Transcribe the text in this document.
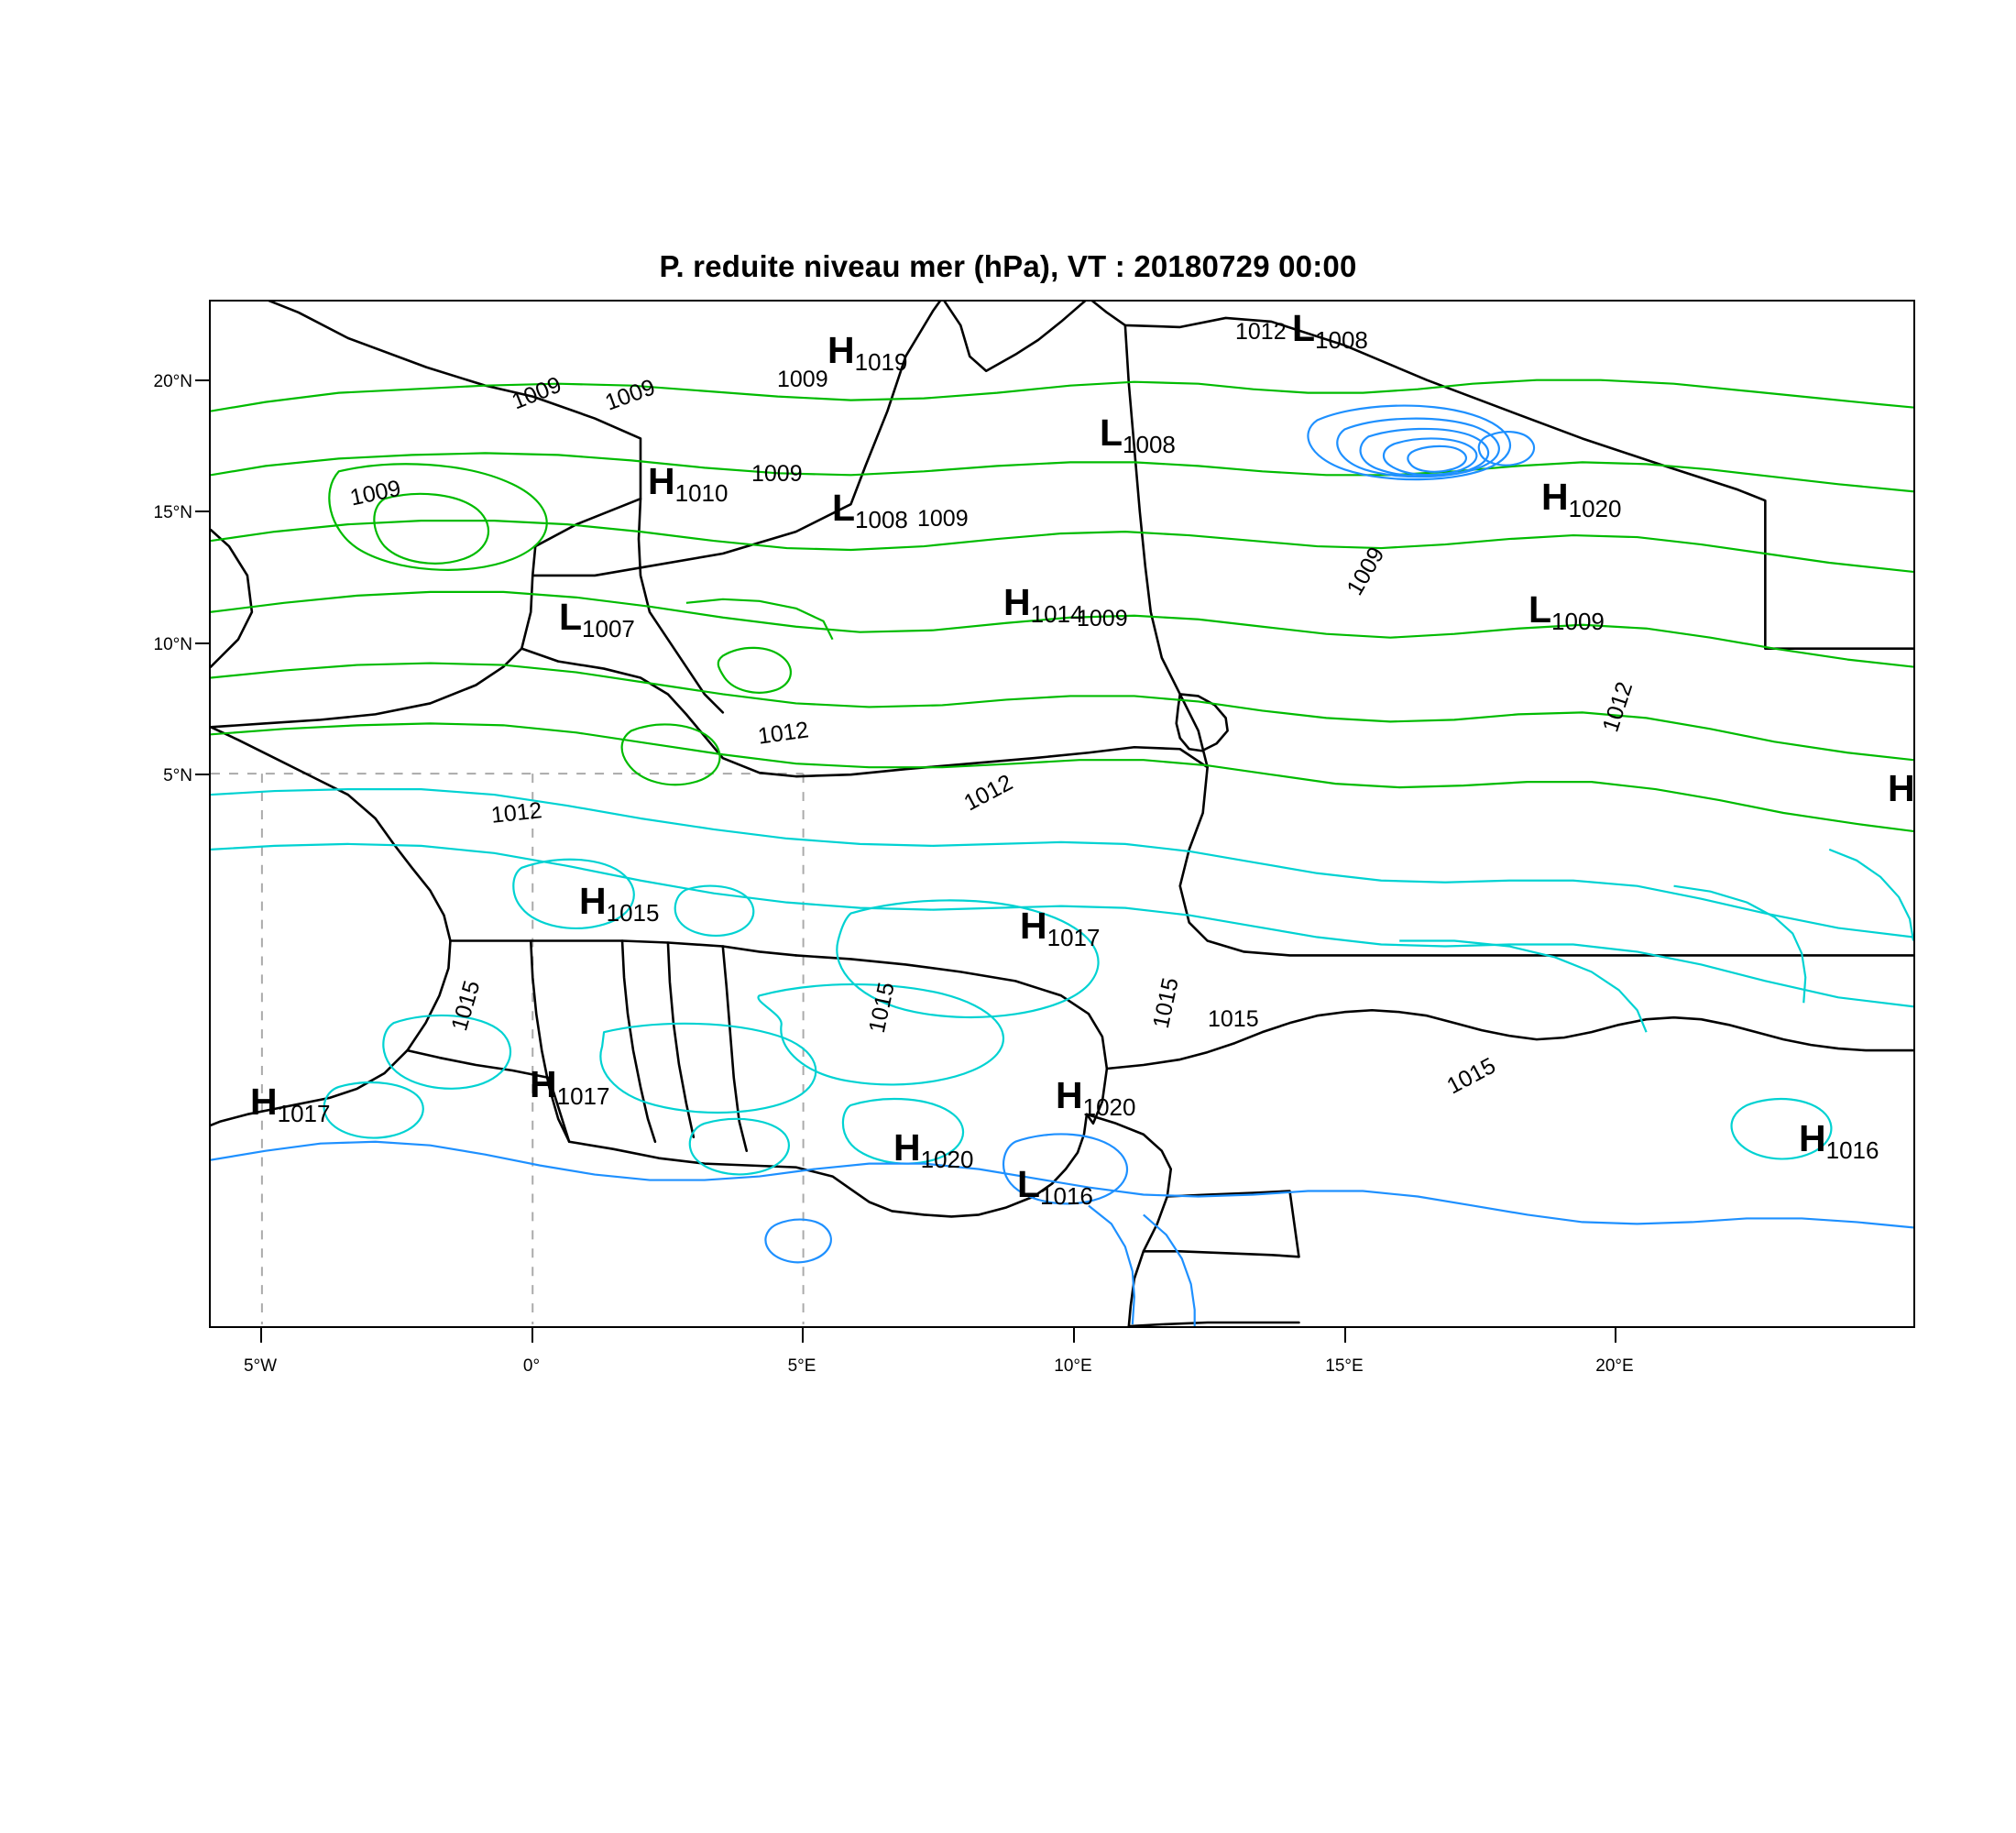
P. reduite niveau mer (hPa), VT : 20180729 00:00
5°N
10°N
15°N
20°N
5°W	0°	5°E	10°E	15°E	20°E
1009 1009	1009
1012
1009
1009
1009
1009
1009
1012
1012
1012
1012
1015	1015	1015 1015
1015
H1019
L1008
L1008
H1010	L1008
H1020
L1007
H1014	L1009
H1015	H1017
H1017
H1017
H1020
H1020
L1016
H1016
H
